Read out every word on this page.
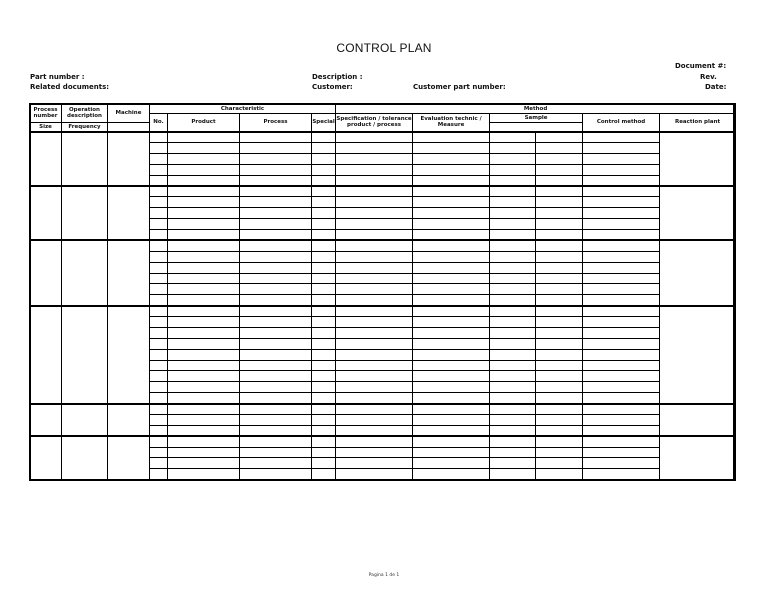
CONTROL PLAN
Document #:
Rev.
Date:
Part number :
Related documents:
Description :
Customer:	Customer part number:
Process number	Operation description	Machine	Characteristic				Method					
			No.	Product	Process	Special	Specification / tolerance product / process	Evaluation technic / Measure	Sample		Control method	Reaction plant
Size	Frequency											

Pagina 1 de 1
